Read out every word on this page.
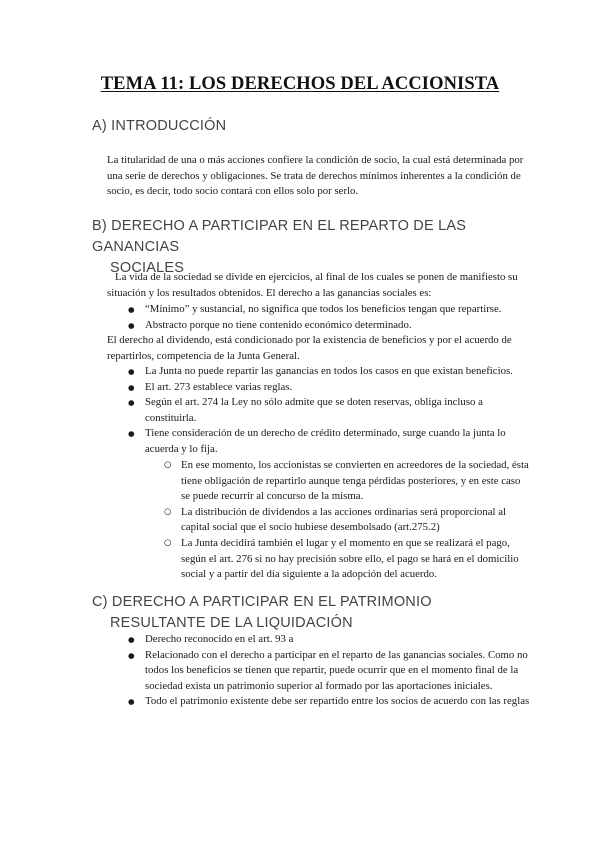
TEMA 11: LOS DERECHOS DEL ACCIONISTA
A) INTRODUCCIÓN

La titularidad de una o más acciones confiere la condición de socio, la cual está determinada por una serie de derechos y obligaciones. Se trata de derechos mínimos inherentes a la condición de socio, es decir, todo socio contará con ellos solo por serlo.

B) DERECHO A PARTICIPAR EN EL REPARTO DE LAS GANANCIAS
SOCIALES

La vida de la sociedad se divide en ejercicios, al final de los cuales se ponen de manifiesto su situación y los resultados obtenidos. El derecho a las ganancias sociales es:

● “Mínimo” y sustancial, no significa que todos los beneficios tengan que repartirse.
● Abstracto porque no tiene contenido económico determinado.

El derecho al dividendo, está condicionado por la existencia de beneficios y por el acuerdo de repartirlos, competencia de la Junta General.

● La Junta no puede repartir las ganancias en todos los casos en que existan beneficios.
● El art. 273 establece varias reglas.
● Según el art. 274 la Ley no sólo admite que se doten reservas, obliga incluso a constituirla.
● Tiene consideración de un derecho de crédito determinado, surge cuando la junta lo acuerda y lo fija.
○ En ese momento, los accionistas se convierten en acreedores de la sociedad, ésta tiene obligación de repartirlo aunque tenga pérdidas posteriores, y en este caso se puede recurrir al concurso de la misma.
○ La distribución de dividendos a las acciones ordinarias será proporcional al capital social que el socio hubiese desembolsado (art.275.2)
○ La Junta decidirá también el lugar y el momento en que se realizará el pago, según el art. 276 si no hay precisión sobre ello, el pago se hará en el domicilio social y a partir del día siguiente a la adopción del acuerdo.
C) DERECHO A PARTICIPAR EN EL PATRIMONIO
RESULTANTE DE LA LIQUIDACIÓN
● Derecho reconocido en el art. 93 a
● Relacionado con el derecho a participar en el reparto de las ganancias sociales. Como no todos los beneficios se tienen que repartir, puede ocurrir que en el momento final de la sociedad exista un patrimonio superior al formado por las aportaciones iniciales.
● Todo el patrimonio existente debe ser repartido entre los socios de acuerdo con las reglas
